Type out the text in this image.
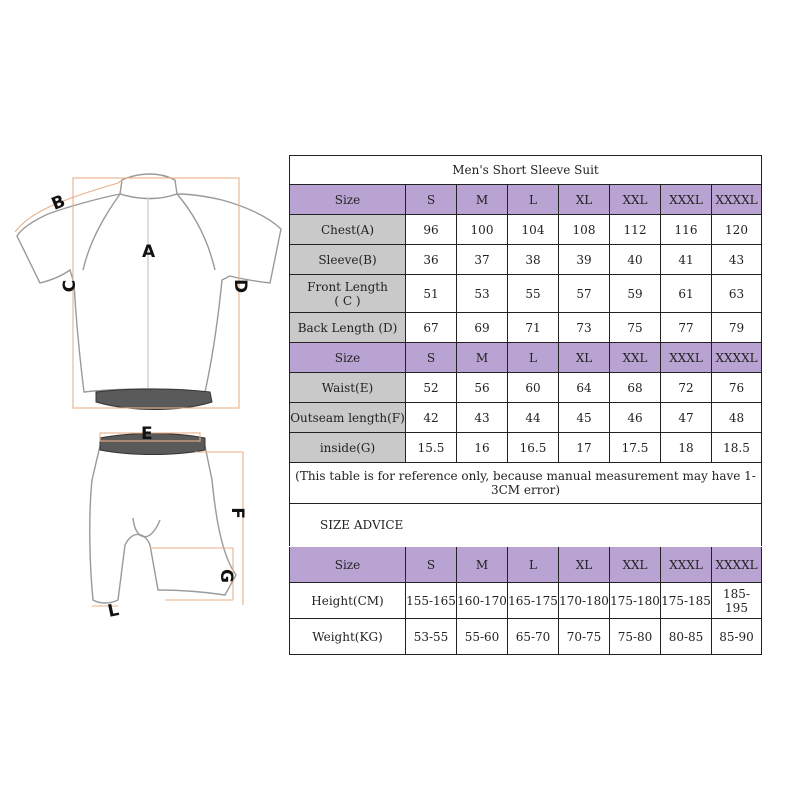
B
A
C	D
E
F
G
L
Men's Short Sleeve Suit							
Size	S	M	L	XL	XXL	XXXL	XXXXL
Chest(A)	96	100	104	108	112	116	120
Sleeve(B)	36	37	38	39	40	41	43

Front Length
( C )	51	53	55	57	59	61	63
Back Length (D)	67	69	71	73	75	77	79
Size	S	M	L	XL	XXL	XXXL	XXXXL
Waist(E)	52	56	60	64	68	72	76
Outseam length(F)	42	43	44	45	46	47	48
inside(G)	15.5	16	16.5	17	17.5	18	18.5
(This table is for reference only, because manual measurement may have 1-3CM error)							
SIZE ADVICE							
Size	S	M	L	XL	XXL	XXXL	XXXXL
Height(CM)	155-165	160-170	165-175	170-180	175-180	175-185	185-195
Weight(KG)	53-55	55-60	65-70	70-75	75-80	80-85	85-90
